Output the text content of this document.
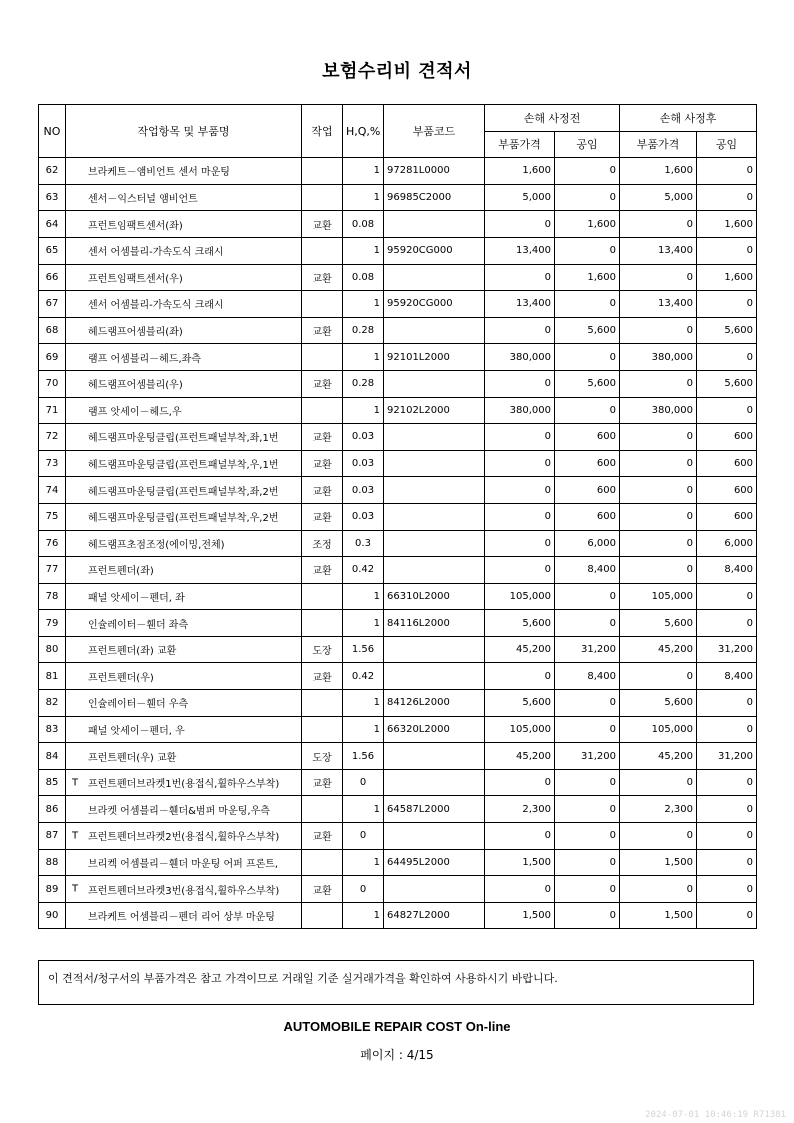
보험수리비 견적서
NO	작업항목 및 부품명	작업	H,Q,%	부품코드	손해 사정전		손해 사정후	
					부품가격	공임	부품가격	공임
62	브라케트－앰비언트 센서 마운팅		1	97281L0000	1,600	0	1,600	0
63	센서－익스터널 앰비언트		1	96985C2000	5,000	0	5,000	0
64	프런트임팩트센서(좌)	교환	0.08		0	1,600	0	1,600
65	센서 어셈블리-가속도식 크래시		1	95920CG000	13,400	0	13,400	0
66	프런트임팩트센서(우)	교환	0.08		0	1,600	0	1,600
67	센서 어셈블리-가속도식 크래시		1	95920CG000	13,400	0	13,400	0
68	헤드램프어셈블리(좌)	교환	0.28		0	5,600	0	5,600
69	램프 어셈블리－헤드,좌측		1	92101L2000	380,000	0	380,000	0
70	헤드램프어셈블리(우)	교환	0.28		0	5,600	0	5,600
71	램프 앗세이－헤드,우		1	92102L2000	380,000	0	380,000	0
72	헤드램프마운팅클립(프런트패널부착,좌,1번	교환	0.03		0	600	0	600
73	헤드램프마운팅클립(프런트패널부착,우,1번	교환	0.03		0	600	0	600
74	헤드램프마운팅클립(프런트패널부착,좌,2번	교환	0.03		0	600	0	600
75	헤드램프마운팅클립(프런트패널부착,우,2번	교환	0.03		0	600	0	600
76	헤드램프초점조정(에이밍,전체)	조정	0.3		0	6,000	0	6,000
77	프런트펜더(좌)	교환	0.42		0	8,400	0	8,400
78	패널 앗세이－펜더, 좌		1	66310L2000	105,000	0	105,000	0
79	인슐레이터－휀더 좌측		1	84116L2000	5,600	0	5,600	0
80	프런트펜더(좌) 교환	도장	1.56		45,200	31,200	45,200	31,200
81	프런트펜더(우)	교환	0.42		0	8,400	0	8,400
82	인슐레이터－휀더 우측		1	84126L2000	5,600	0	5,600	0
83	패널 앗세이－펜더, 우		1	66320L2000	105,000	0	105,000	0
84	프런트펜더(우) 교환	도장	1.56		45,200	31,200	45,200	31,200
85	T 프런트펜더브라켓1번(용접식,휠하우스부착)	교환	0		0	0	0	0
86	브라켓 어셈블리－휀더&범퍼 마운팅,우측		1	64587L2000	2,300	0	2,300	0
87	T 프런트펜더브라켓2번(용접식,휠하우스부착)	교환	0		0	0	0	0
88	브리켁 어셈블리－휀더 마운팅 어퍼 프론트,		1	64495L2000	1,500	0	1,500	0
89	T 프런트펜더브라켓3번(용접식,휠하우스부착)	교환	0		0	0	0	0
90	브라케트 어셈블리－펜더 리어 상부 마운팅		1	64827L2000	1,500	0	1,500	0
이 견적서/청구서의 부품가격은 참고 가격이므로 거래일 기준 실거래가격을 확인하여 사용하시기 바랍니다.
AUTOMOBILE REPAIR COST On-line
페이지 : 4/15
2024-07-01 10:46:19 R71381
